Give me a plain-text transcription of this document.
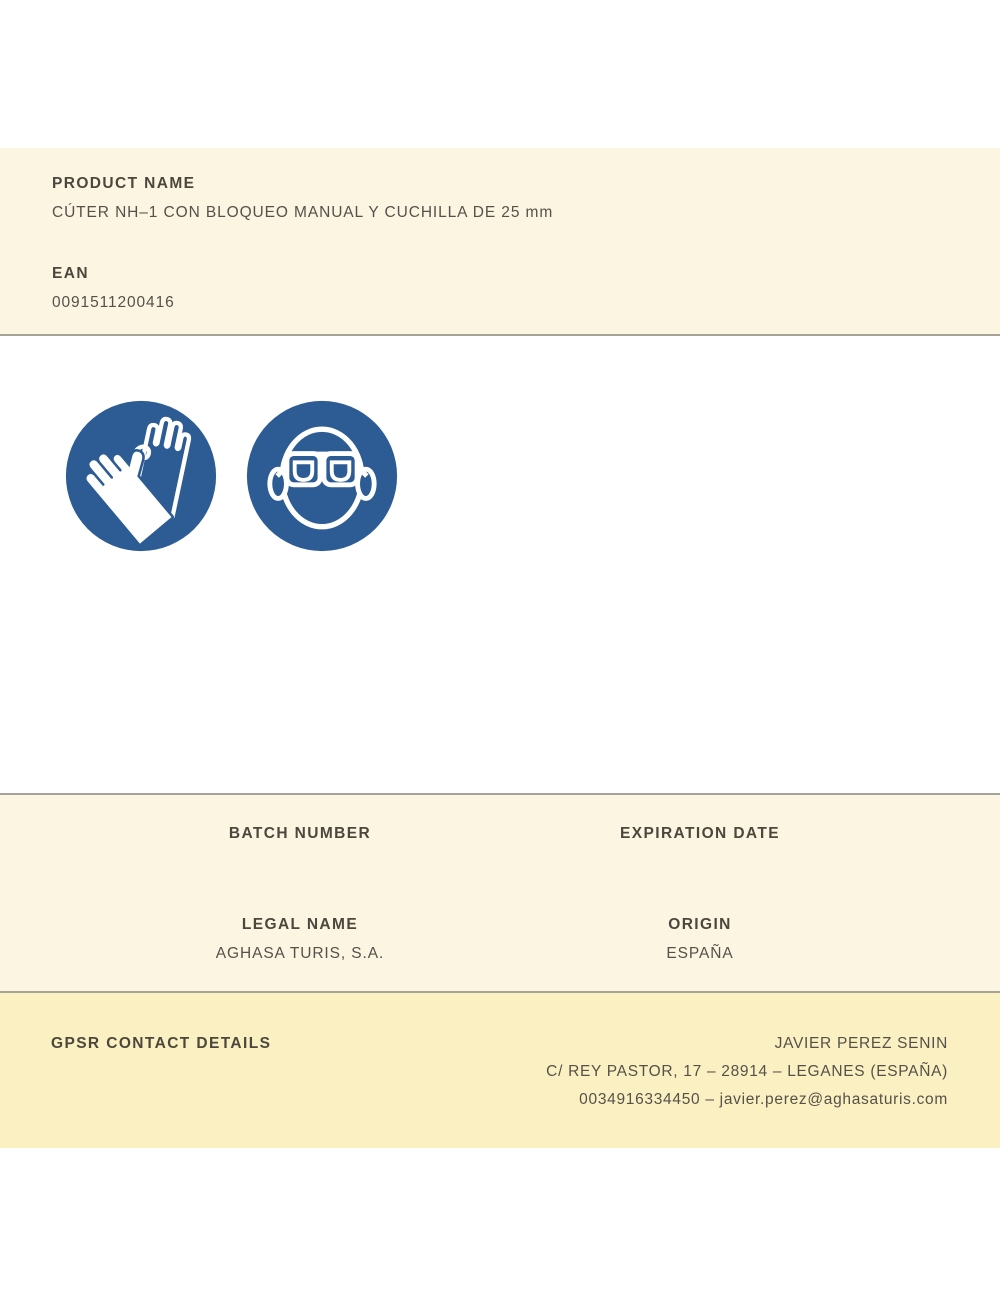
PRODUCT NAME
CÚTER NH–1 CON BLOQUEO MANUAL Y CUCHILLA DE 25 mm
EAN
0091511200416
BATCH NUMBER	EXPIRATION DATE
LEGAL NAME
AGHASA TURIS, S.A.
ORIGIN
ESPAÑA
GPSR CONTACT DETAILS	JAVIER PEREZ SENIN
C/ REY PASTOR, 17 – 28914 – LEGANES (ESPAÑA)
0034916334450 – javier.perez@aghasaturis.com
